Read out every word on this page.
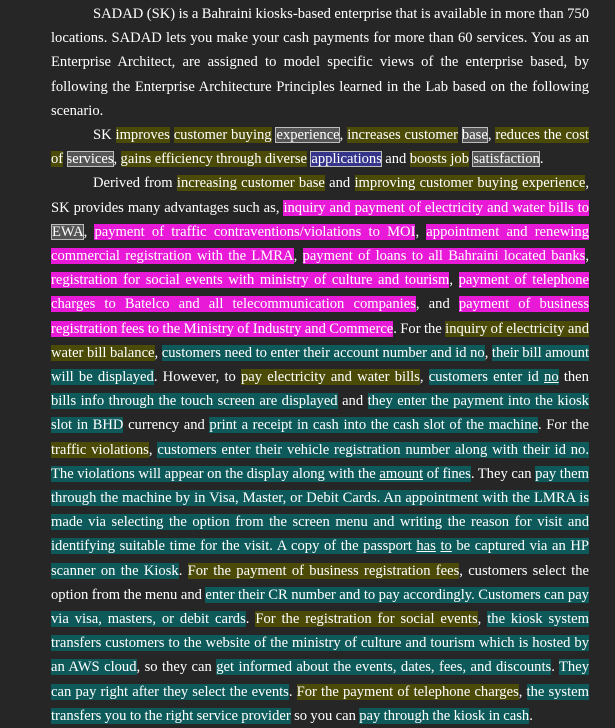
SADAD (SK) is a Bahraini kiosks-based enterprise that is available in more than 750 locations. SADAD lets you make your cash payments for more than 60 services. You as an Enterprise Architect, are assigned to model specific views of the enterprise based, by following the Enterprise Architecture Principles learned in the Lab based on the following scenario.

SK improves customer buying experience, increases customer base, reduces the cost of services, gains efficiency through diverse applications and boosts job satisfaction.

Derived from increasing customer base and improving customer buying experience, SK provides many advantages such as, inquiry and payment of electricity and water bills to EWA, payment of traffic contraventions/violations to MOI, appointment and renewing commercial registration with the LMRA, payment of loans to all Bahraini located banks, registration for social events with ministry of culture and tourism, payment of telephone charges to Batelco and all telecommunication companies, and payment of business registration fees to the Ministry of Industry and Commerce. For the inquiry of electricity and water bill balance, customers need to enter their account number and id no, their bill amount will be displayed. However, to pay electricity and water bills, customers enter id no then bills info through the touch screen are displayed and they enter the payment into the kiosk slot in BHD currency and print a receipt in cash into the cash slot of the machine. For the traffic violations, customers enter their vehicle registration number along with their id no. The violations will appear on the display along with the amount of fines. They can pay them through the machine by in Visa, Master, or Debit Cards. An appointment with the LMRA is made via selecting the option from the screen menu and writing the reason for visit and identifying suitable time for the visit. A copy of the passport has to be captured via an HP scanner on the Kiosk. For the payment of business registration fees, customers select the option from the menu and enter their CR number and to pay accordingly. Customers can pay via visa, masters, or debit cards. For the registration for social events, the kiosk system transfers customers to the website of the ministry of culture and tourism which is hosted by an AWS cloud, so they can get informed about the events, dates, fees, and discounts. They can pay right after they select the events. For the payment of telephone charges, the system transfers you to the right service provider so you can pay through the kiosk in cash.
